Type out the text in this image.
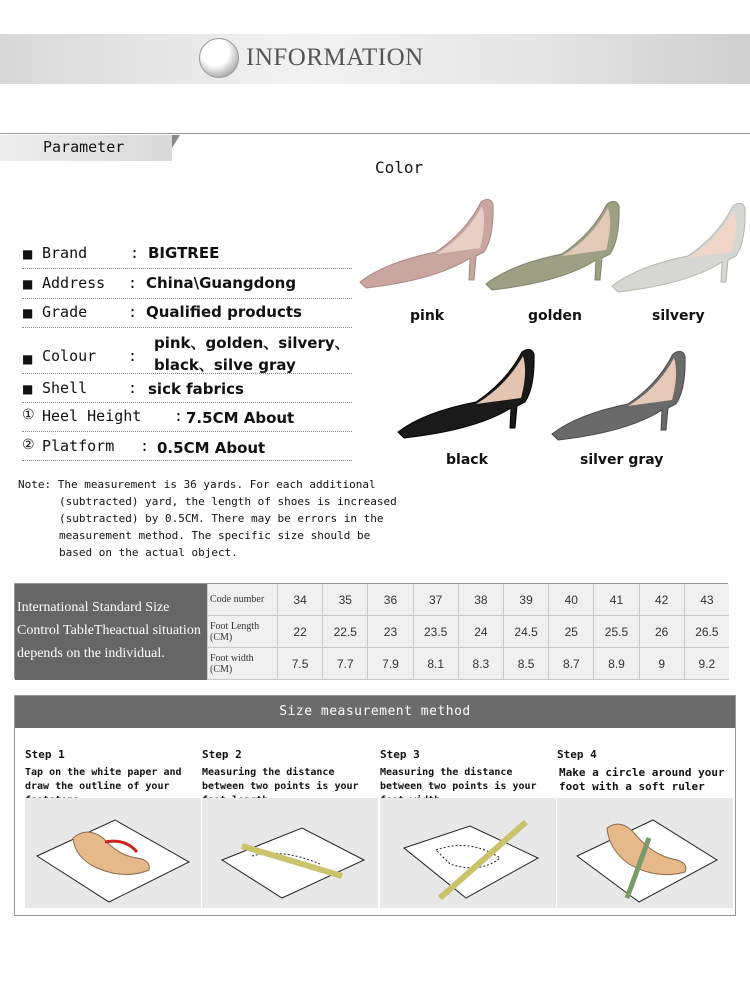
INFORMATION
Parameter
Color
■ Brand	: BIGTREE
■ Address : China\Guangdong
■ Grade	: Qualified products
■ Colour :
pink、golden、silvery、
black、silve gray
■ Shell	: sick fabrics
① Heel Height : 7.5CM About
② Platform : 0.5CM About
Note: The measurement is 36 yards. For each additional
(subtracted) yard, the length of shoes is increased
(subtracted) by 0.5CM. There may be errors in the
measurement method. The specific size should be
based on the actual object.
pink	golden	silvery
black	silver gray
International Standard Size
Control TableTheactual situation
depends on the individual.
Code number	34	35	36	37	38	39	40	41	42	43
Foot Length (CM)	22	22.5	23	23.5	24	24.5	25	25.5	26	26.5
Foot width (CM)	7.5	7.7	7.9	8.1	8.3	8.5	8.7	8.9	9	9.2
Size measurement method
Step 1
Tap on the white paper and draw the outline of your
Step 2
Measuring the distance between two points is your
Step 3
Measuring the distance between two points is your
Step 4
Make a circle around your foot with a soft ruler
